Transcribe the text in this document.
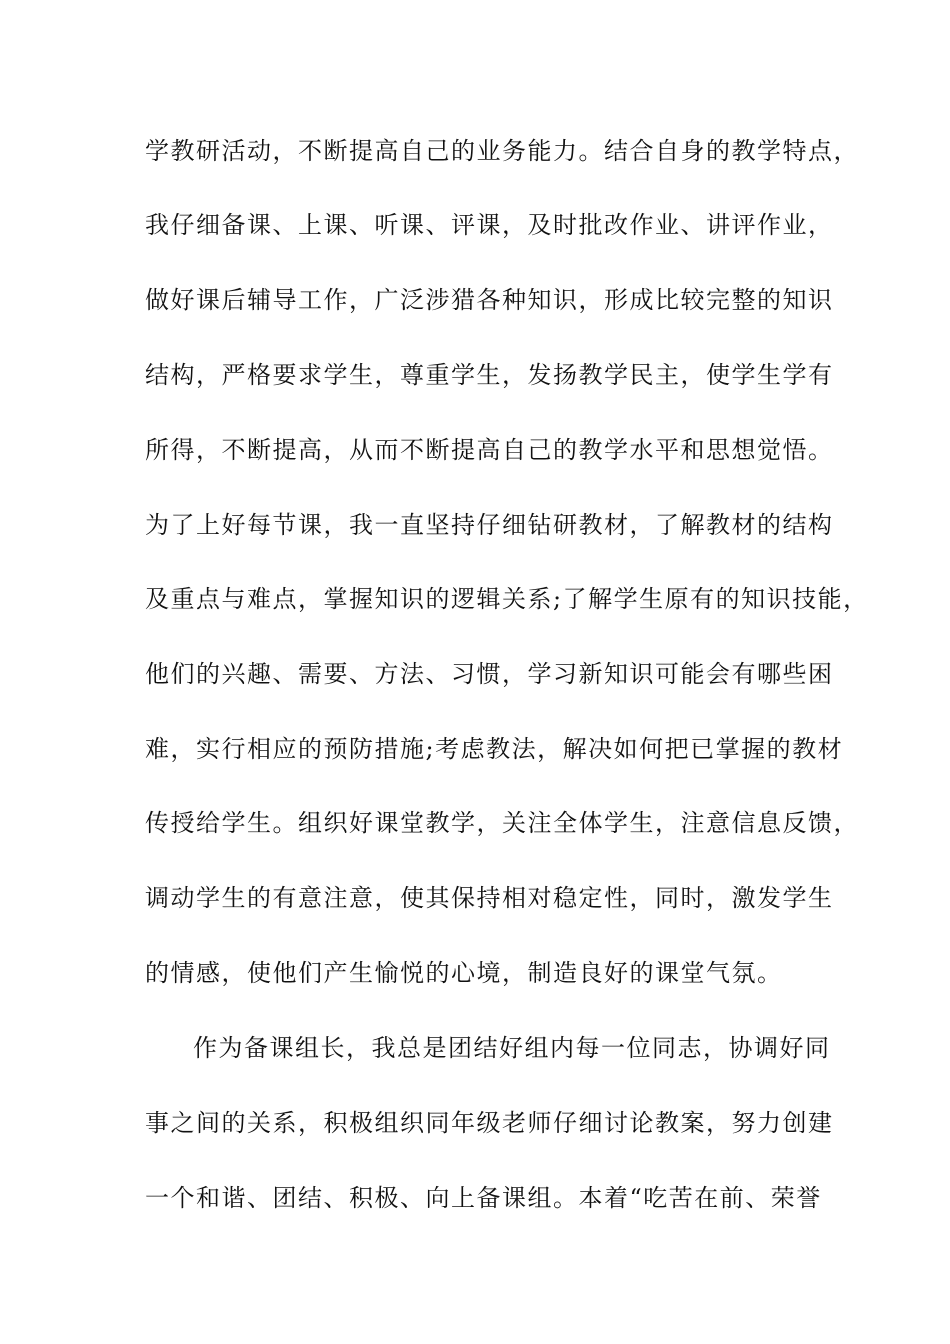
学教研活动，不断提高自己的业务能力。结合自身的教学特点，
我仔细备课、上课、听课、评课，及时批改作业、讲评作业，
做好课后辅导工作，广泛涉猎各种知识，形成比较完整的知识
结构，严格要求学生，尊重学生，发扬教学民主，使学生学有
所得，不断提高，从而不断提高自己的教学水平和思想觉悟。
为了上好每节课，我一直坚持仔细钻研教材，了解教材的结构
及重点与难点，掌握知识的逻辑关系;了解学生原有的知识技能，
他们的兴趣、需要、方法、习惯，学习新知识可能会有哪些困
难，实行相应的预防措施;考虑教法，解决如何把已掌握的教材
传授给学生。组织好课堂教学，关注全体学生，注意信息反馈，
调动学生的有意注意，使其保持相对稳定性，同时，激发学生
的情感，使他们产生愉悦的心境，制造良好的课堂气氛。
作为备课组长，我总是团结好组内每一位同志，协调好同
事之间的关系，积极组织同年级老师仔细讨论教案，努力创建
一个和谐、团结、积极、向上备课组。本着“吃苦在前、荣誉
